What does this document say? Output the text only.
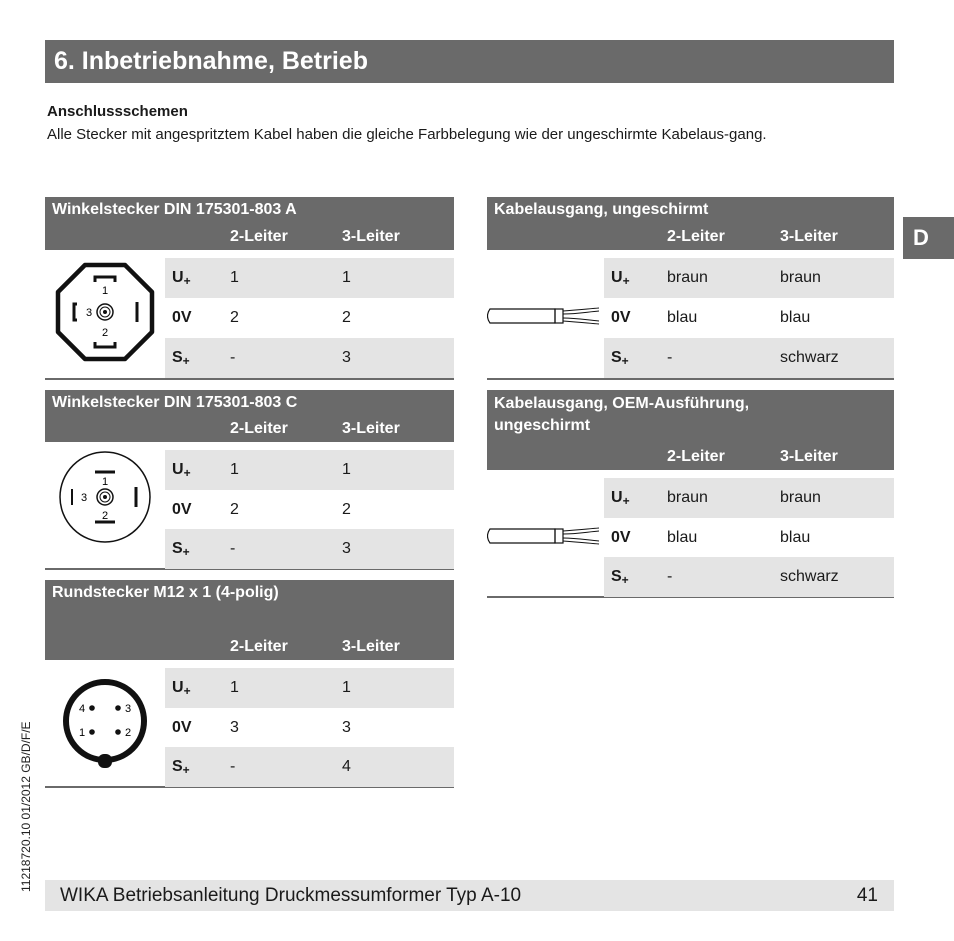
6. Inbetriebnahme, Betrieb
D
Anschlussschemen
Alle Stecker mit angespritztem Kabel haben die gleiche Farbbelegung wie der ungeschirmte Kabelaus-gang.
Winkelstecker DIN 175301-803 A
2-Leiter	3-Leiter
1
2
3
$U_+$ 1	1
0V 2	2
$S_+$	-	3
Winkelstecker DIN 175301-803 C
2-Leiter	3-Leiter
1
2
3
$U_+$ 1	1
0V 2	2
$S_+$	-	3
Rundstecker M12 x 1 (4-polig)
2-Leiter	3-Leiter
4	3
1	2
$U_+$ 1	1
0V 3	3
$S_+$	-	4
Kabelausgang, ungeschirmt
2-Leiter	3-Leiter
$U_+$ braun	braun
0V blau	blau
$S_+$ -	schwarz
Kabelausgang, OEM-Ausführung,
ungeschirmt
2-Leiter	3-Leiter
$U_+$ braun	braun
0V blau	blau
$S_+$ -	schwarz
11218720.10 01/2012 GB/D/F/E
WIKA Betriebsanleitung Druckmessumformer Typ A-10	41
